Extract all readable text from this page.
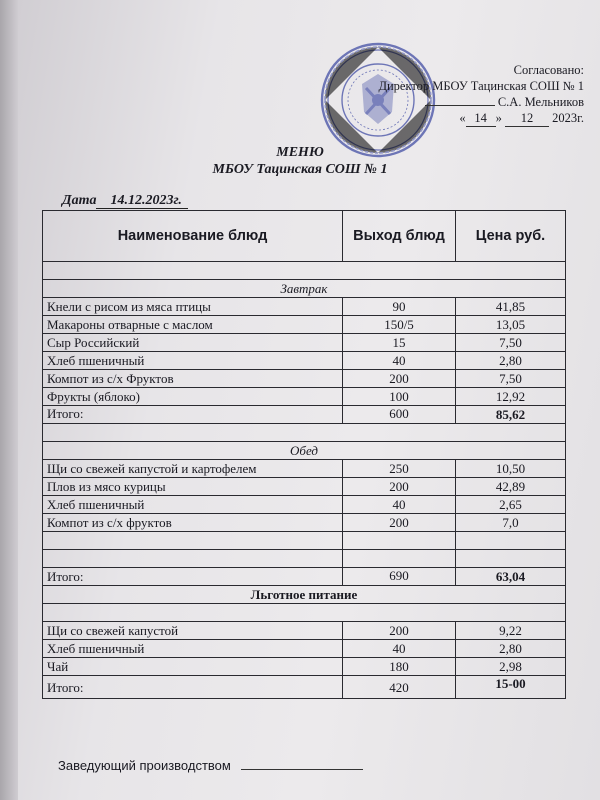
Согласовано:
Директор МБОУ Тацинская СОШ № 1
С.А. Мельников
« 14 » 12 2023г.
МЕНЮ
МБОУ Тацинская СОШ № 1
Дата 14.12.2023г.
Наименование блюд	Выход блюд	Цена руб.

Завтрак		
Кнели с рисом из мяса птицы	90	41,85
Макароны отварные с маслом	150/5	13,05
Сыр Российский	15	7,50
Хлеб пшеничный	40	2,80
Компот из с/х Фруктов	200	7,50
Фрукты (яблоко)	100	12,92
Итого:	600	85,62

Обед		
Щи со свежей капустой и картофелем	250	10,50
Плов из мясо курицы	200	42,89
Хлеб пшеничный	40	2,65
Компот из с/х фруктов	200	7,0

Итого:	690	63,04
Льготное питание		

Щи со свежей капустой	200	9,22
Хлеб пшеничный	40	2,80
Чай	180	2,98
Итого:	420	15-00
Заведующий производством
